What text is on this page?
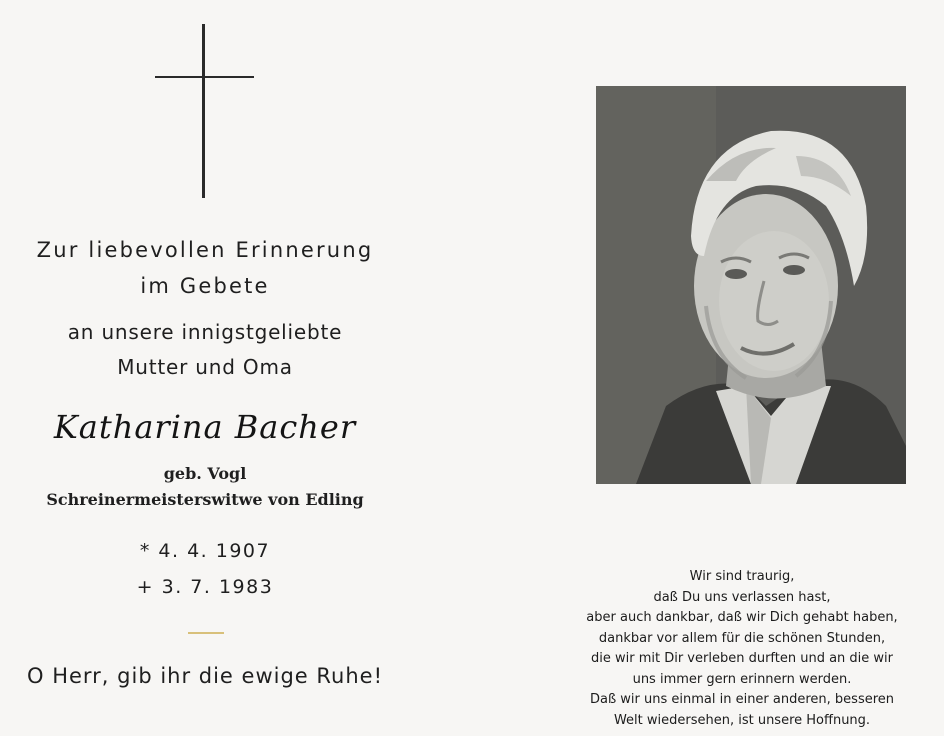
Zur liebevollen Erinnerung
im Gebete
an unsere innigstgeliebte
Mutter und Oma
Katharina Bacher
geb. Vogl
Schreinermeisterswitwe von Edling
* 4. 4. 1907
+ 3. 7. 1983
O Herr, gib ihr die ewige Ruhe!
Wir sind traurig,
daß Du uns verlassen hast,
aber auch dankbar, daß wir Dich gehabt haben,
dankbar vor allem für die schönen Stunden,
die wir mit Dir verleben durften und an die wir
uns immer gern erinnern werden.
Daß wir uns einmal in einer anderen, besseren
Welt wiedersehen, ist unsere Hoffnung.
